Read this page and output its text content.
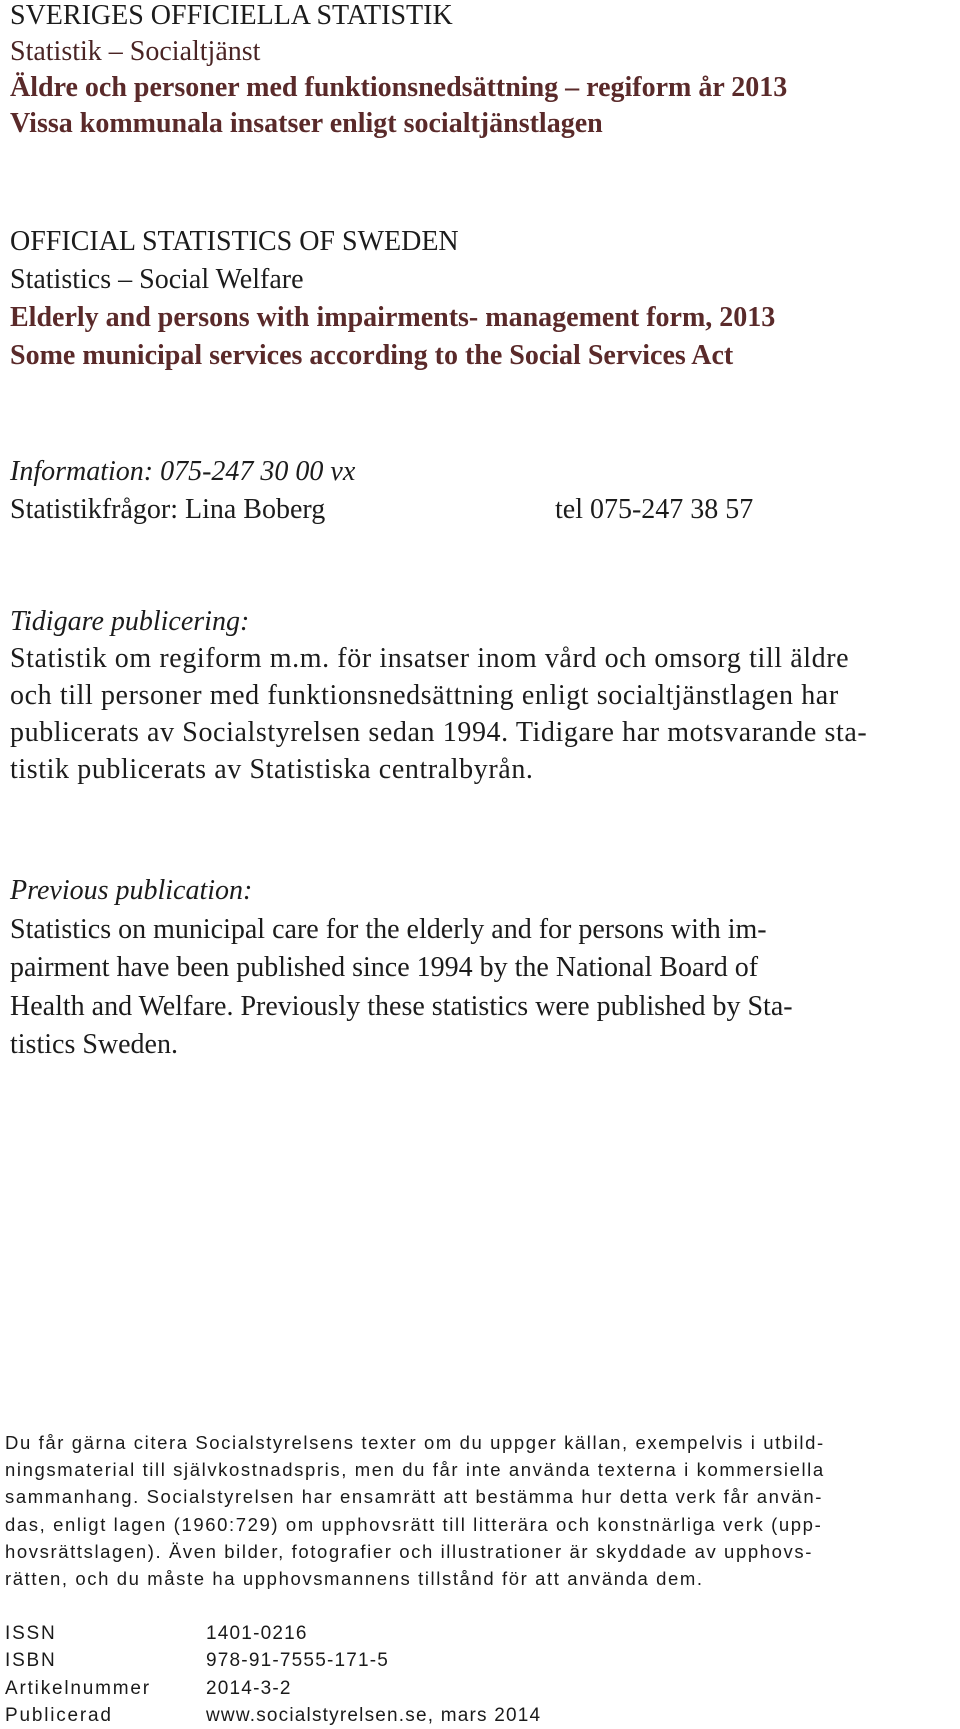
SVERIGES OFFICIELLA STATISTIK
Statistik – Socialtjänst
Äldre och personer med funktionsnedsättning – regiform år 2013
Vissa kommunala insatser enligt socialtjänstlagen
OFFICIAL STATISTICS OF SWEDEN
Statistics – Social Welfare
Elderly and persons with impairments- management form, 2013
Some municipal services according to the Social Services Act
Information: 075-247 30 00 vx
Statistikfrågor: Lina Boberg	tel 075-247 38 57
Tidigare publicering:
Statistik om regiform m.m. för insatser inom vård och omsorg till äldre
och till personer med funktionsnedsättning enligt socialtjänstlagen har
publicerats av Socialstyrelsen sedan 1994. Tidigare har motsvarande sta-
tistik publicerats av Statistiska centralbyrån.
Previous publication:
Statistics on municipal care for the elderly and for persons with im-
pairment have been published since 1994 by the National Board of
Health and Welfare. Previously these statistics were published by Sta-
tistics Sweden.
Du får gärna citera Socialstyrelsens texter om du uppger källan, exempelvis i utbild-
ningsmaterial till självkostnadspris, men du får inte använda texterna i kommersiella
sammanhang. Socialstyrelsen har ensamrätt att bestämma hur detta verk får använ-
das, enligt lagen (1960:729) om upphovsrätt till litterära och konstnärliga verk (upp-
hovsrättslagen). Även bilder, fotografier och illustrationer är skyddade av upphovs-
rätten, och du måste ha upphovsmannens tillstånd för att använda dem.
ISSN	1401-0216
ISBN	978-91-7555-171-5
Artikelnummer	2014-3-2
Publicerad	www.socialstyrelsen.se, mars 2014
